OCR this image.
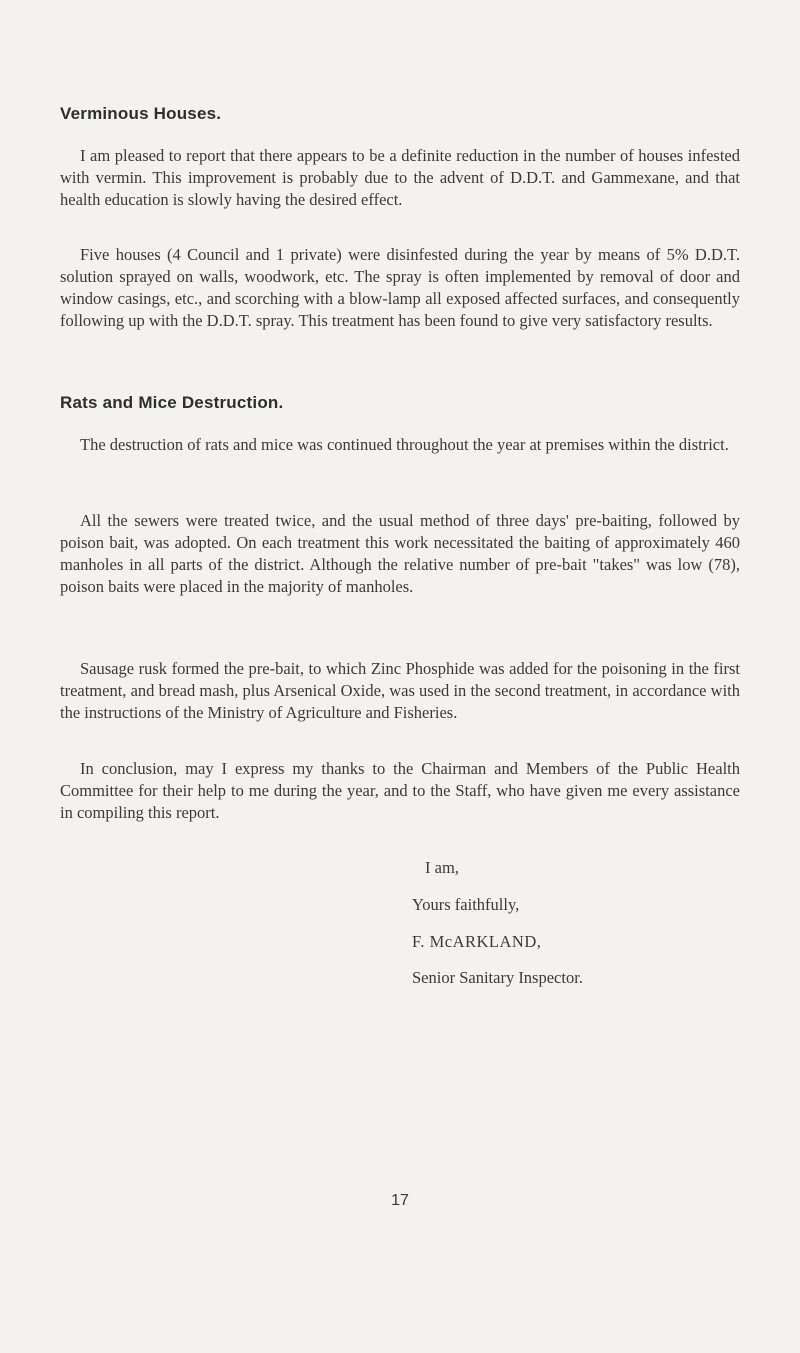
Verminous Houses.

I am pleased to report that there appears to be a definite reduction in the number of houses infested with vermin. This improvement is probably due to the advent of D.D.T. and Gammexane, and that health education is slowly having the desired effect.

Five houses (4 Council and 1 private) were disinfested during the year by means of 5% D.D.T. solution sprayed on walls, woodwork, etc. The spray is often implemented by removal of door and window casings, etc., and scorching with a blow-lamp all exposed affected surfaces, and consequently following up with the D.D.T. spray. This treatment has been found to give very satisfactory results.

Rats and Mice Destruction.

The destruction of rats and mice was continued throughout the year at premises within the district.

All the sewers were treated twice, and the usual method of three days' pre-baiting, followed by poison bait, was adopted. On each treatment this work necessitated the baiting of approximately 460 manholes in all parts of the district. Although the relative number of pre-bait "takes" was low (78), poison baits were placed in the majority of manholes.

Sausage rusk formed the pre-bait, to which Zinc Phosphide was added for the poisoning in the first treatment, and bread mash, plus Arsenical Oxide, was used in the second treatment, in accordance with the instructions of the Ministry of Agriculture and Fisheries.

In conclusion, may I express my thanks to the Chairman and Members of the Public Health Committee for their help to me during the year, and to the Staff, who have given me every assistance in compiling this report.

I am,
Yours faithfully,
F. McARKLAND,
Senior Sanitary Inspector.
17
